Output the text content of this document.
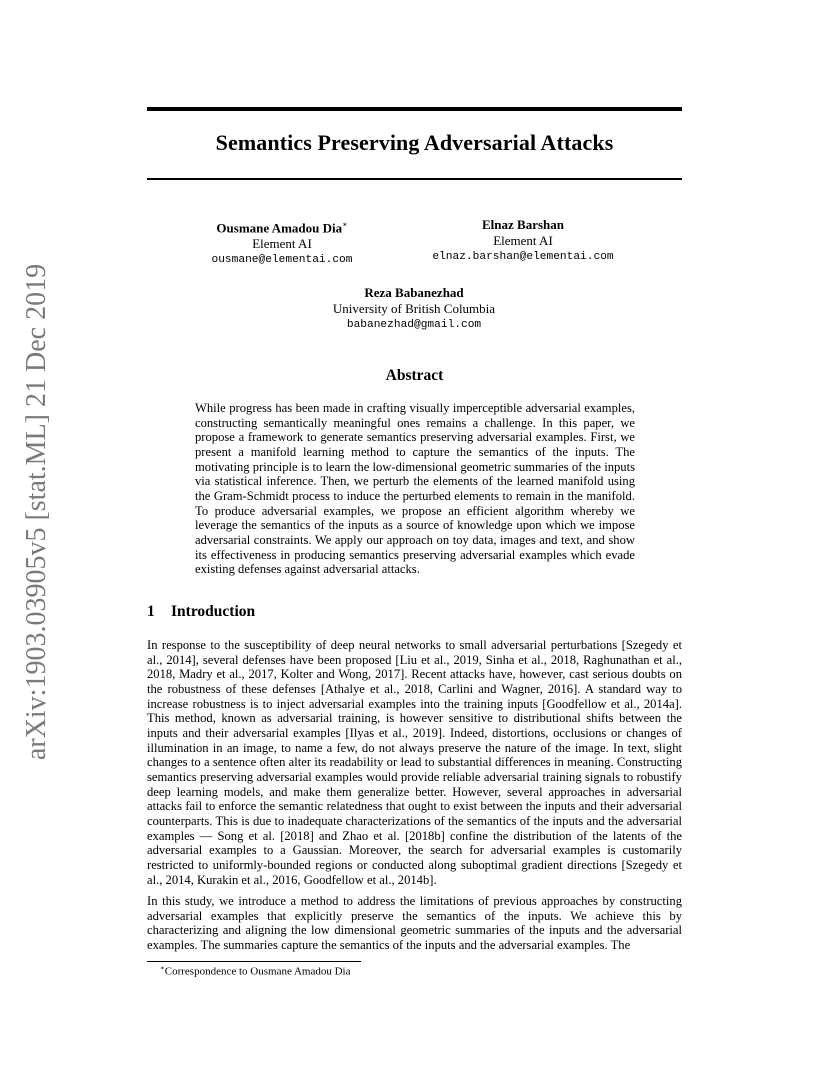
arXiv:1903.03905v5 [stat.ML] 21 Dec 2019
Semantics Preserving Adversarial Attacks
Ousmane Amadou Dia∗
Element AI
ousmane@elementai.com
Elnaz Barshan
Element AI
elnaz.barshan@elementai.com
Reza Babanezhad
University of British Columbia
babanezhad@gmail.com
Abstract
While progress has been made in crafting visually imperceptible adversarial examples, constructing semantically meaningful ones remains a challenge. In this paper, we propose a framework to generate semantics preserving adversarial examples. First, we present a manifold learning method to capture the semantics of the inputs. The motivating principle is to learn the low-dimensional geometric summaries of the inputs via statistical inference. Then, we perturb the elements of the learned manifold using the Gram-Schmidt process to induce the perturbed elements to remain in the manifold. To produce adversarial examples, we propose an efficient algorithm whereby we leverage the semantics of the inputs as a source of knowledge upon which we impose adversarial constraints. We apply our approach on toy data, images and text, and show its effectiveness in producing semantics preserving adversarial examples which evade existing defenses against adversarial attacks.
1 Introduction

In response to the susceptibility of deep neural networks to small adversarial perturbations [Szegedy et al., 2014], several defenses have been proposed [Liu et al., 2019, Sinha et al., 2018, Raghunathan et al., 2018, Madry et al., 2017, Kolter and Wong, 2017]. Recent attacks have, however, cast serious doubts on the robustness of these defenses [Athalye et al., 2018, Carlini and Wagner, 2016]. A standard way to increase robustness is to inject adversarial examples into the training inputs [Goodfellow et al., 2014a]. This method, known as adversarial training, is however sensitive to distributional shifts between the inputs and their adversarial examples [Ilyas et al., 2019]. Indeed, distortions, occlusions or changes of illumination in an image, to name a few, do not always preserve the nature of the image. In text, slight changes to a sentence often alter its readability or lead to substantial differences in meaning. Constructing semantics preserving adversarial examples would provide reliable adversarial training signals to robustify deep learning models, and make them generalize better. However, several approaches in adversarial attacks fail to enforce the semantic relatedness that ought to exist between the inputs and their adversarial counterparts. This is due to inadequate characterizations of the semantics of the inputs and the adversarial examples — Song et al. [2018] and Zhao et al. [2018b] confine the distribution of the latents of the adversarial examples to a Gaussian. Moreover, the search for adversarial examples is customarily restricted to uniformly-bounded regions or conducted along suboptimal gradient directions [Szegedy et al., 2014, Kurakin et al., 2016, Goodfellow et al., 2014b].

In this study, we introduce a method to address the limitations of previous approaches by constructing adversarial examples that explicitly preserve the semantics of the inputs. We achieve this by characterizing and aligning the low dimensional geometric summaries of the inputs and the adversarial examples. The summaries capture the semantics of the inputs and the adversarial examples. The

∗Correspondence to Ousmane Amadou Dia
